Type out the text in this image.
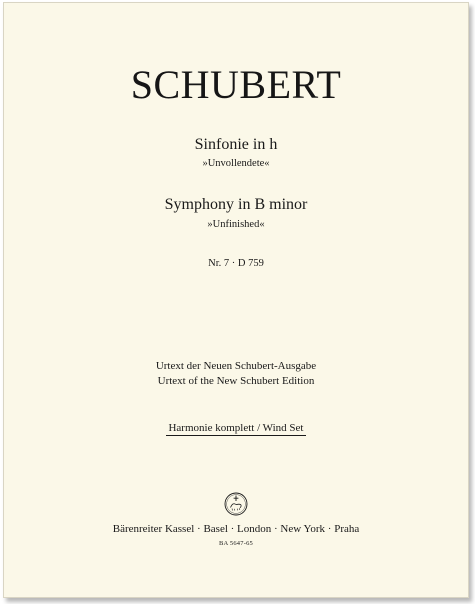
SCHUBERT
Sinfonie in h
»Unvollendete«
Symphony in B minor
»Unfinished«
Nr. 7 · D 759
Urtext der Neuen Schubert-Ausgabe
Urtext of the New Schubert Edition
Harmonie komplett / Wind Set
Bärenreiter Kassel · Basel · London · New York · Praha
BA 5647-65
